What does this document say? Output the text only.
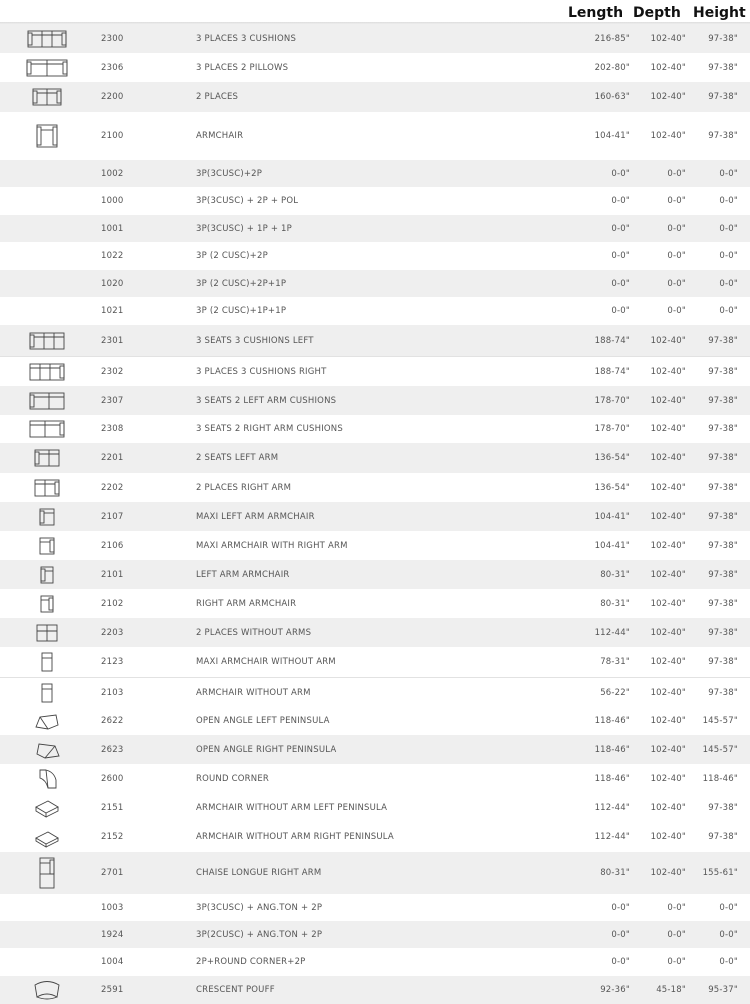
Length Depth Height
2300	3 PLACES 3 CUSHIONS	216-85" 102-40"	97-38"
2306	3 PLACES 2 PILLOWS	202-80" 102-40"	97-38"
2200	2 PLACES	160-63" 102-40"	97-38"
2100	ARMCHAIR	104-41" 102-40"	97-38"
1002	3P(3CUSC)+2P	0-0"	0-0"	0-0"
1000	3P(3CUSC) + 2P + POL	0-0"	0-0"	0-0"
1001	3P(3CUSC) + 1P + 1P	0-0"	0-0"	0-0"
1022	3P (2 CUSC)+2P	0-0"	0-0"	0-0"
1020	3P (2 CUSC)+2P+1P	0-0"	0-0"	0-0"
1021	3P (2 CUSC)+1P+1P	0-0"	0-0"	0-0"
2301	3 SEATS 3 CUSHIONS LEFT	188-74" 102-40"	97-38"
2302	3 PLACES 3 CUSHIONS RIGHT	188-74" 102-40"	97-38"
2307	3 SEATS 2 LEFT ARM CUSHIONS	178-70" 102-40"	97-38"
2308	3 SEATS 2 RIGHT ARM CUSHIONS	178-70" 102-40"	97-38"
2201	2 SEATS LEFT ARM	136-54" 102-40"	97-38"
2202	2 PLACES RIGHT ARM	136-54" 102-40"	97-38"
2107	MAXI LEFT ARM ARMCHAIR	104-41" 102-40"	97-38"
2106	MAXI ARMCHAIR WITH RIGHT ARM	104-41" 102-40"	97-38"
2101	LEFT ARM ARMCHAIR	80-31" 102-40"	97-38"
2102	RIGHT ARM ARMCHAIR	80-31" 102-40"	97-38"
2203	2 PLACES WITHOUT ARMS	112-44" 102-40"	97-38"
2123	MAXI ARMCHAIR WITHOUT ARM	78-31" 102-40"	97-38"
2103	ARMCHAIR WITHOUT ARM	56-22" 102-40"	97-38"
2622	OPEN ANGLE LEFT PENINSULA	118-46" 102-40" 145-57"
2623	OPEN ANGLE RIGHT PENINSULA	118-46" 102-40" 145-57"
2600	ROUND CORNER	118-46" 102-40" 118-46"
2151	ARMCHAIR WITHOUT ARM LEFT PENINSULA	112-44" 102-40"	97-38"
2152	ARMCHAIR WITHOUT ARM RIGHT PENINSULA	112-44" 102-40"	97-38"
2701	CHAISE LONGUE RIGHT ARM	80-31" 102-40" 155-61"
1003	3P(3CUSC) + ANG.TON + 2P	0-0"	0-0"	0-0"
1924	3P(2CUSC) + ANG.TON + 2P	0-0"	0-0"	0-0"
1004	2P+ROUND CORNER+2P	0-0"	0-0"	0-0"
2591	CRESCENT POUFF	92-36"	45-18"	95-37"
